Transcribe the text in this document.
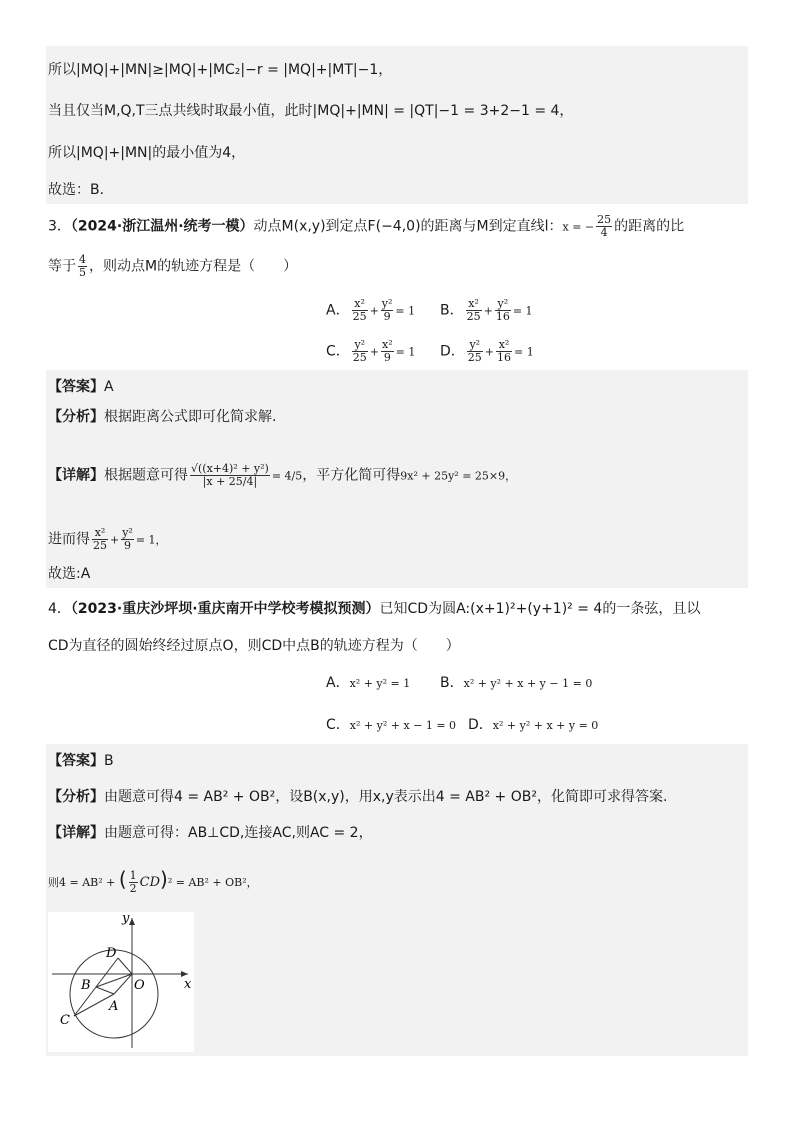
所以|MQ|+|MN|≥|MQ|+|MC₂|−r = |MQ|+|MT|−1，
当且仅当M,Q,T三点共线时取最小值，此时|MQ|+|MN| = |QT|−1 = 3+2−1 = 4，
所以|MQ|+|MN|的最小值为4，
故选：B.
3．（2024·浙江温州·统考一模）动点M(x,y)到定点F(−4,0)的距离与M到定直线l：x = − $\frac{25}{4}$ 的距离的比
等于 $\frac{4}{5}$ ，则动点M的轨迹方程是（　　）
A． $\frac{\text{x²}}{25} + \frac{\text{y²}}{9} = 1$ B． $\frac{\text{x²}}{25} + \frac{\text{y²}}{16} = 1$
C． $\frac{\text{y²}}{25} + \frac{\text{x²}}{9} = 1$ D． $\frac{\text{y²}}{25} + \frac{\text{x²}}{16} = 1$
【答案】A
【分析】根据距离公式即可化简求解.
【详解】根据题意可得 $\frac{\text{√((x+4)² + y²)}}{|x + 25/4|} = 4/5$，平方化简可得9x² + 25y² = 25×9，
进而得 $\frac{\text{x²}}{25} + \frac{\text{y²}}{9} = 1$，
故选:A
4．（2023·重庆沙坪坝·重庆南开中学校考模拟预测）已知CD为圆A:(x+1)²+(y+1)² = 4的一条弦，且以
CD为直径的圆始终经过原点O，则CD中点B的轨迹方程为（　　）
A．x² + y² = 1 B．x² + y² + x + y − 1 = 0
C．x² + y² + x − 1 = 0 D．x² + y² + x + y = 0
【答案】B
【分析】由题意可得4 = AB² + OB²，设B(x,y)，用x,y表示出4 = AB² + OB²，化简即可求得答案.
【详解】由题意可得：AB⊥CD,连接AC,则AC = 2，
则4 = AB² + ( $\frac{1}{2} CD)^2 = AB^2 + OB^2$，
y
x
D
B	O
A
C
